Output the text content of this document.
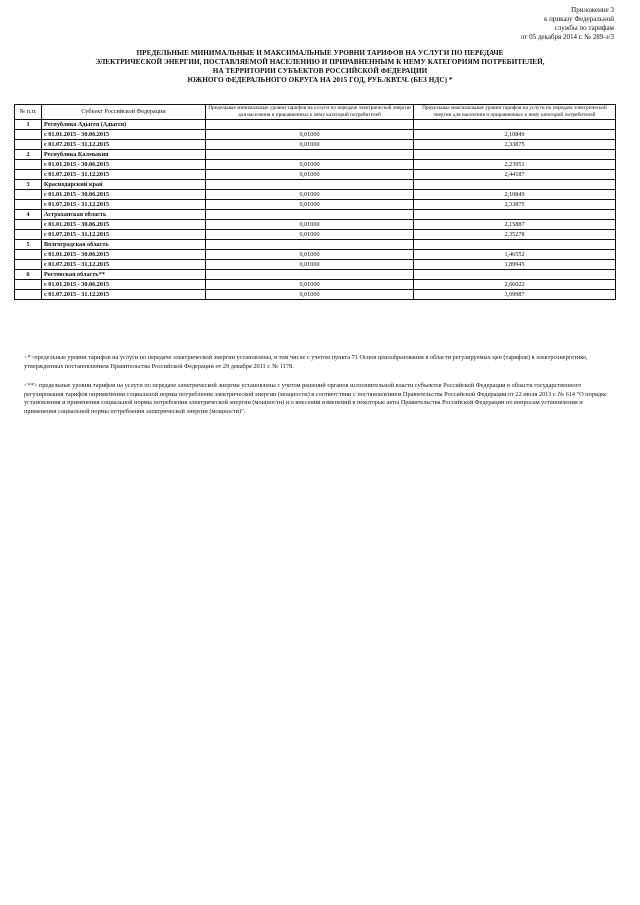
Приложение 3
к приказу Федеральной
службы по тарифам
от 05 декабря 2014 г. № 289-э/3
ПРЕДЕЛЬНЫЕ МИНИМАЛЬНЫЕ И МАКСИМАЛЬНЫЕ УРОВНИ ТАРИФОВ НА УСЛУГИ ПО ПЕРЕДАЧЕ
ЭЛЕКТРИЧЕСКОЙ ЭНЕРГИИ, ПОСТАВЛЯЕМОЙ НАСЕЛЕНИЮ И ПРИРАВНЕННЫМ К НЕМУ КАТЕГОРИЯМ ПОТРЕБИТЕЛЕЙ,
НА ТЕРРИТОРИИ СУБЪЕКТОВ РОССИЙСКОЙ ФЕДЕРАЦИИ
ЮЖНОГО ФЕДЕРАЛЬНОГО ОКРУГА НА 2015 ГОД, РУБ./КВТ.Ч. (БЕЗ НДС) *
№ п.п.	Субъект Российской Федерации	Предельные минимальные уровни тарифов на услуги по передаче электрической энергии для населения и приравненных к нему категорий потребителей	Предельные максимальные уровни тарифов на услуги по передаче электрической энергии для населения и приравненных к нему категорий потребителей
1	Республика Адыгея (Адыгея)		
	с 01.01.2015 - 30.06.2015	0,01000	2,10849
	с 01.07.2015 - 31.12.2015	0,01000	2,33875
2	Республика Калмыкия		
	с 01.01.2015 - 30.06.2015	0,01000	2,23951
	с 01.07.2015 - 31.12.2015	0,01000	2,44187
3	Краснодарский край		
	с 01.01.2015 - 30.06.2015	0,01000	2,10849
	с 01.07.2015 - 31.12.2015	0,01000	2,33875
4	Астраханская область		
	с 01.01.2015 - 30.06.2015	0,01000	2,15887
	с 01.07.2015 - 31.12.2015	0,01000	2,35278
5	Волгоградская область		
	с 01.01.2015 - 30.06.2015	0,01000	1,46552
	с 01.07.2015 - 31.12.2015	0,01000	1,89945
6	Ростовская область**		
	с 01.01.2015 - 30.06.2015	0,01000	2,66022
	с 01.07.2015 - 31.12.2015	0,01000	3,09987
<*>предельные уровни тарифов на услуги по передаче электрической энергии установлены, в том числе с учетом пункта 71 Основ ценообразования в области регулируемых цен (тарифов) в электроэнергетике, утвержденных постановлением Правительства Российской Федерации от 29 декабря 2011 г. № 1178.
<**> предельные уровни тарифов на услуги по передаче электрической энергии установлены с учетом решений органов исполнительной власти субъектов Российской Федерации в области государственного регулирования тарифов оприменении социальной нормы потребления электрической энергии (мощности) в соответствии с постановлением Правительства Российской Федерации от 22 июля 2013 г. № 614 "О порядке установления и применения социальной нормы потребления электрической энергии (мощности) и о внесении изменений в некоторые акты Правительства Российской Федерации по вопросам установления и применения социальной нормы потребления электрической энергии (мощности)".
